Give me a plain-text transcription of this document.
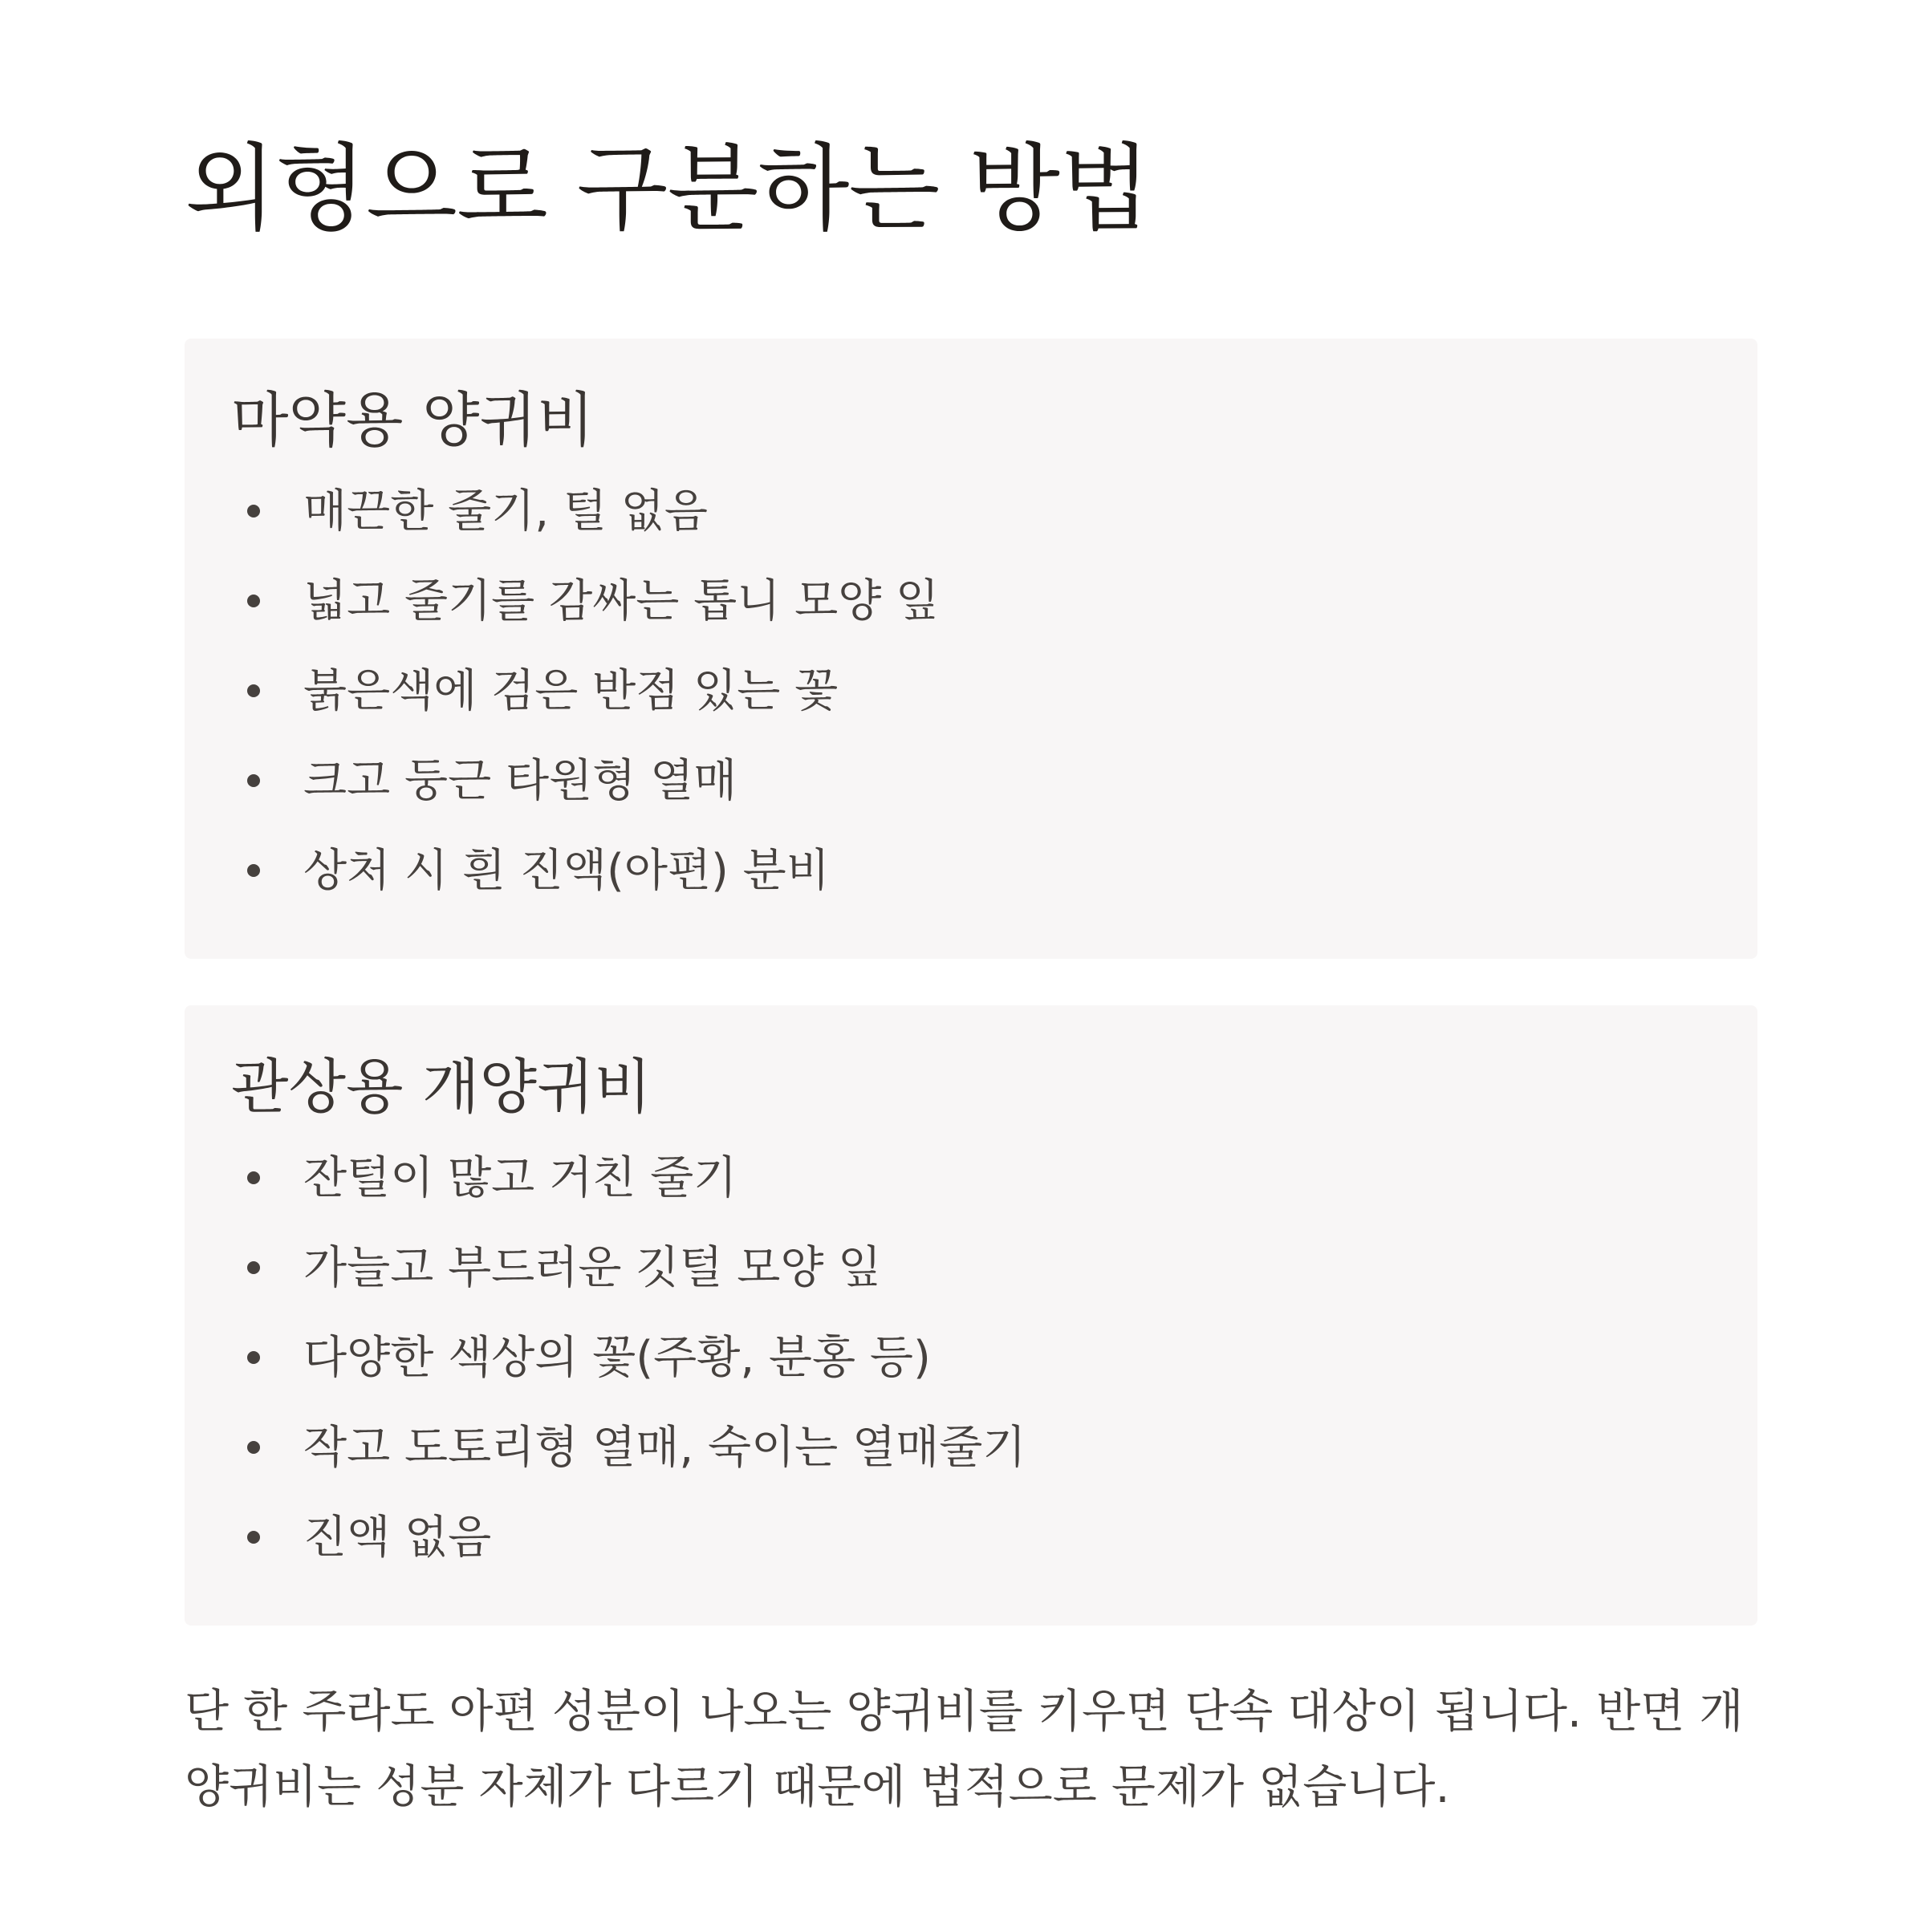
외형으로 구분하는 방법
마약용 양귀비
매끈한 줄기, 털 없음
넓고 줄기를 감싸는 톱니 모양 잎
붉은색에 검은 반점 있는 꽃
크고 둥근 타원형 열매
상처 시 흰 진액(아편) 분비
관상용 개양귀비
잔털이 많고 거친 줄기
가늘고 부드러운 깃털 모양 잎
다양한 색상의 꽃(주황, 분홍 등)
작고 도토리형 열매, 숙이는 열매줄기
진액 없음

단 한 주라도 아편 성분이 나오는 양귀비를 키우면 단속 대상이 됩니다. 반면 개양귀비는 성분 자체가 다르기 때문에 법적으로 문제가 없습니다.
